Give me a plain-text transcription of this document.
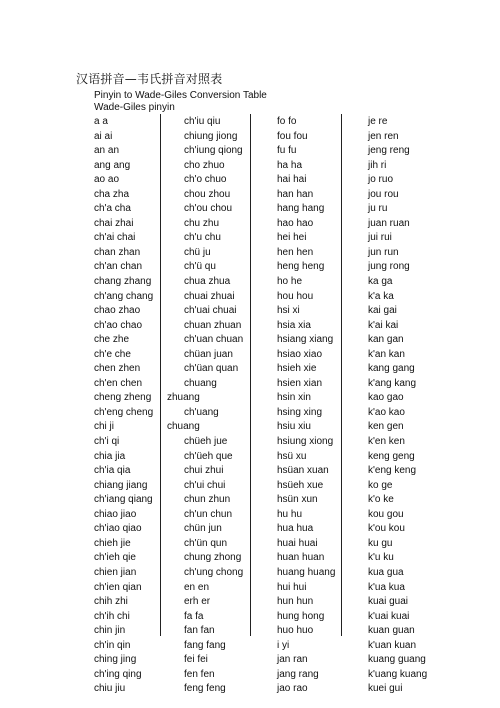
汉语拼音—韦氏拼音对照表
Pinyin to Wade-Giles Conversion Table
Wade-Giles pinyin
a a
ai ai
an an
ang ang
ao ao
cha zha
ch'a cha
chai zhai
ch'ai chai
chan zhan
ch'an chan
chang zhang
ch'ang chang
chao zhao
ch'ao chao
che zhe
ch'e che
chen zhen
ch'en chen
cheng zheng
ch'eng cheng
chi ji
ch'i qi
chia jia
ch'ia qia
chiang jiang
ch'iang qiang
chiao jiao
ch'iao qiao
chieh jie
ch'ieh qie
chien jian
ch'ien qian
chih zhi
ch'ih chi
chin jin
ch'in qin
ching jing
ch'ing qing
chiu jiu
ch'iu qiu
chiung jiong
ch'iung qiong
cho zhuo
ch'o chuo
chou zhou
ch'ou chou
chu zhu
ch'u chu
chü ju
ch'ü qu
chua zhua
chuai zhuai
ch'uai chuai
chuan zhuan
ch'uan chuan
chüan juan
ch'üan quan
chuang
zhuang
ch'uang
chuang
chüeh jue
ch'üeh que
chui zhui
ch'ui chui
chun zhun
ch'un chun
chün jun
ch'ün qun
chung zhong
ch'ung chong
en en
erh er
fa fa
fan fan
fang fang
fei fei
fen fen
feng feng
fo fo
fou fou
fu fu
ha ha
hai hai
han han
hang hang
hao hao
hei hei
hen hen
heng heng
ho he
hou hou
hsi xi
hsia xia
hsiang xiang
hsiao xiao
hsieh xie
hsien xian
hsin xin
hsing xing
hsiu xiu
hsiung xiong
hsü xu
hsüan xuan
hsüeh xue
hsün xun
hu hu
hua hua
huai huai
huan huan
huang huang
hui hui
hun hun
hung hong
huo huo
i yi
jan ran
jang rang
jao rao
je re
jen ren
jeng reng
jih ri
jo ruo
jou rou
ju ru
juan ruan
jui rui
jun run
jung rong
ka ga
k'a ka
kai gai
k'ai kai
kan gan
k'an kan
kang gang
k'ang kang
kao gao
k'ao kao
ken gen
k'en ken
keng geng
k'eng keng
ko ge
k'o ke
kou gou
k'ou kou
ku gu
k'u ku
kua gua
k'ua kua
kuai guai
k'uai kuai
kuan guan
k'uan kuan
kuang guang
k'uang kuang
kuei gui
